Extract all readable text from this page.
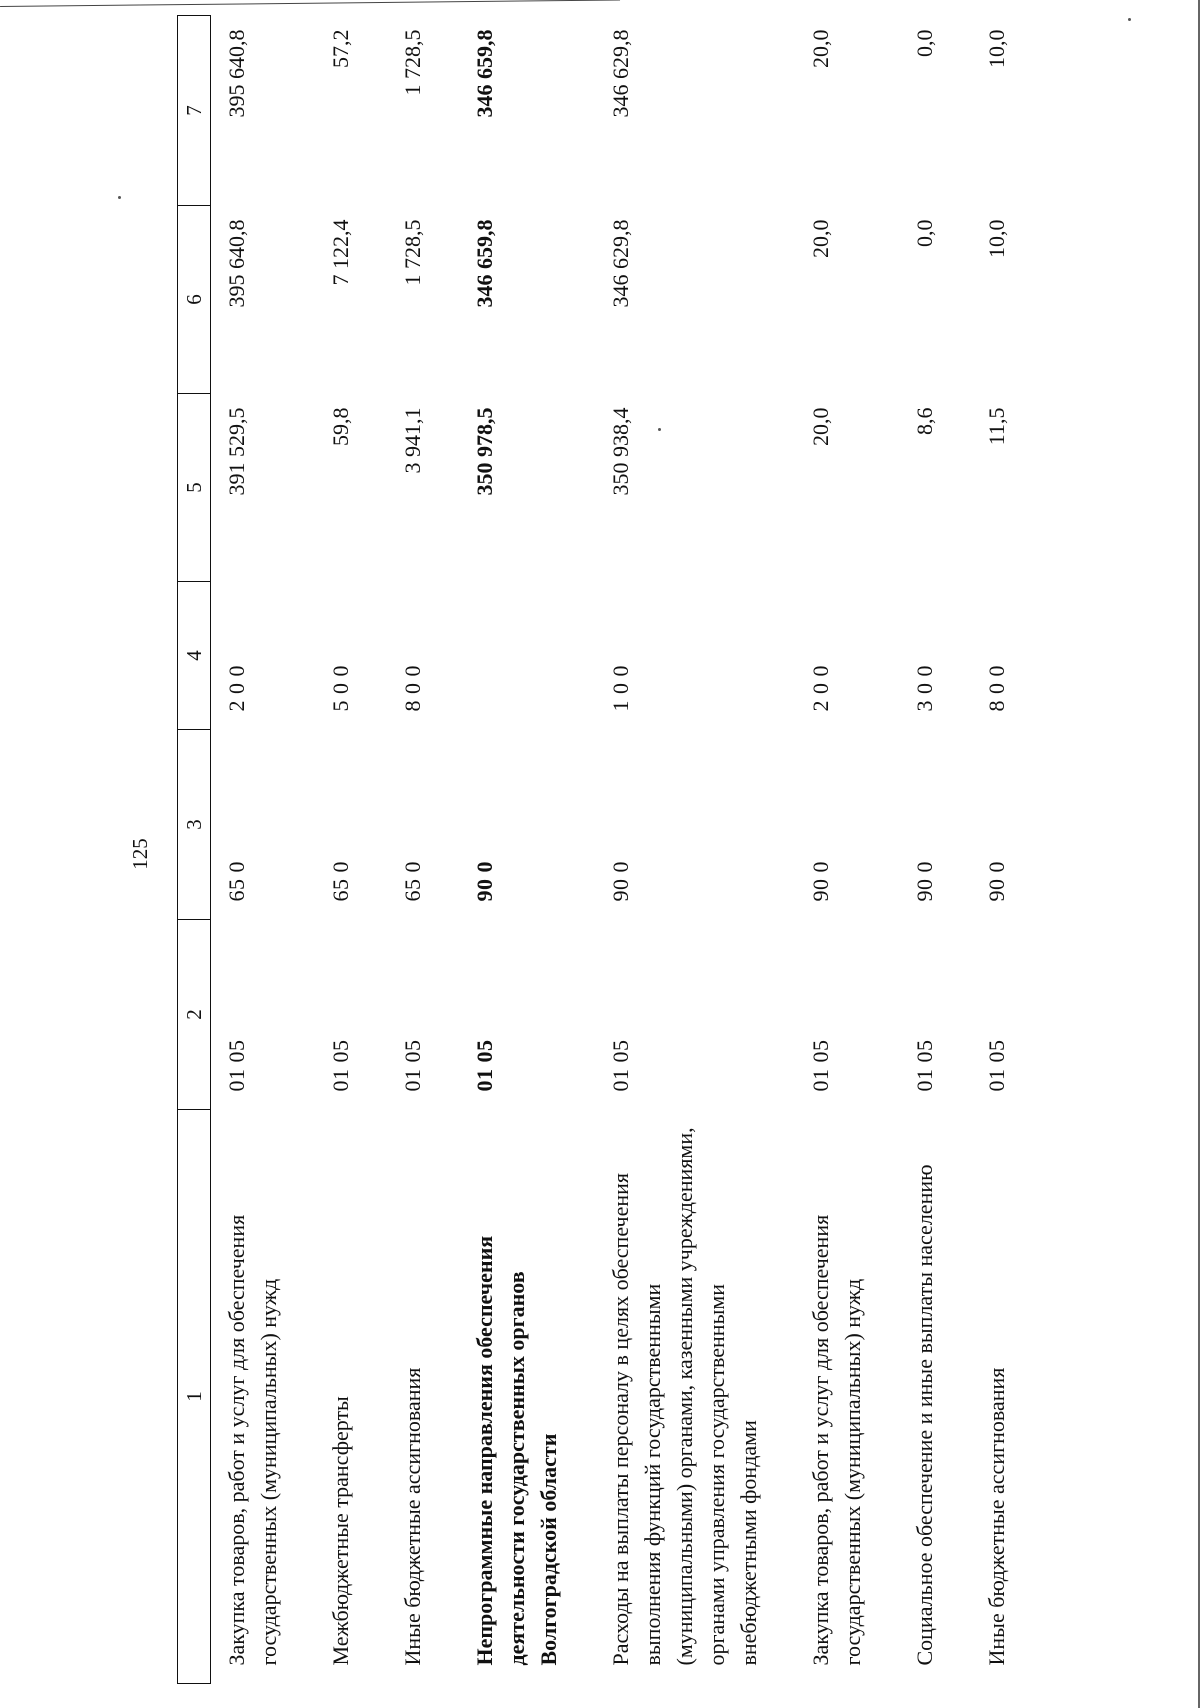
125
1	2	3	4	5	6	7
Закупка товаров, работ и услуг для обеспечения государственных (муниципальных) нужд	01 05	65 0	2 0 0	391 529,5	395 640,8	395 640,8
Межбюджетные трансферты	01 05	65 0	5 0 0	59,8	7 122,4	57,2
Иные бюджетные ассигнования	01 05	65 0	8 0 0	3 941,1	1 728,5	1 728,5
Непрограммные направления обеспечения деятельности государственных органов Волгоградской области	01 05	90 0		350 978,5	346 659,8	346 659,8
Расходы на выплаты персоналу в целях обеспечения выполнения функций государственными (муниципальными) органами, казенными учреждениями, органами управления государственными внебюджетными фондами	01 05	90 0	1 0 0	350 938,4	346 629,8	346 629,8
Закупка товаров, работ и услуг для обеспечения государственных (муниципальных) нужд	01 05	90 0	2 0 0	20,0	20,0	20,0
Социальное обеспечение и иные выплаты населению	01 05	90 0	3 0 0	8,6	0,0	0,0
Иные бюджетные ассигнования	01 05	90 0	8 0 0	11,5	10,0	10,0
